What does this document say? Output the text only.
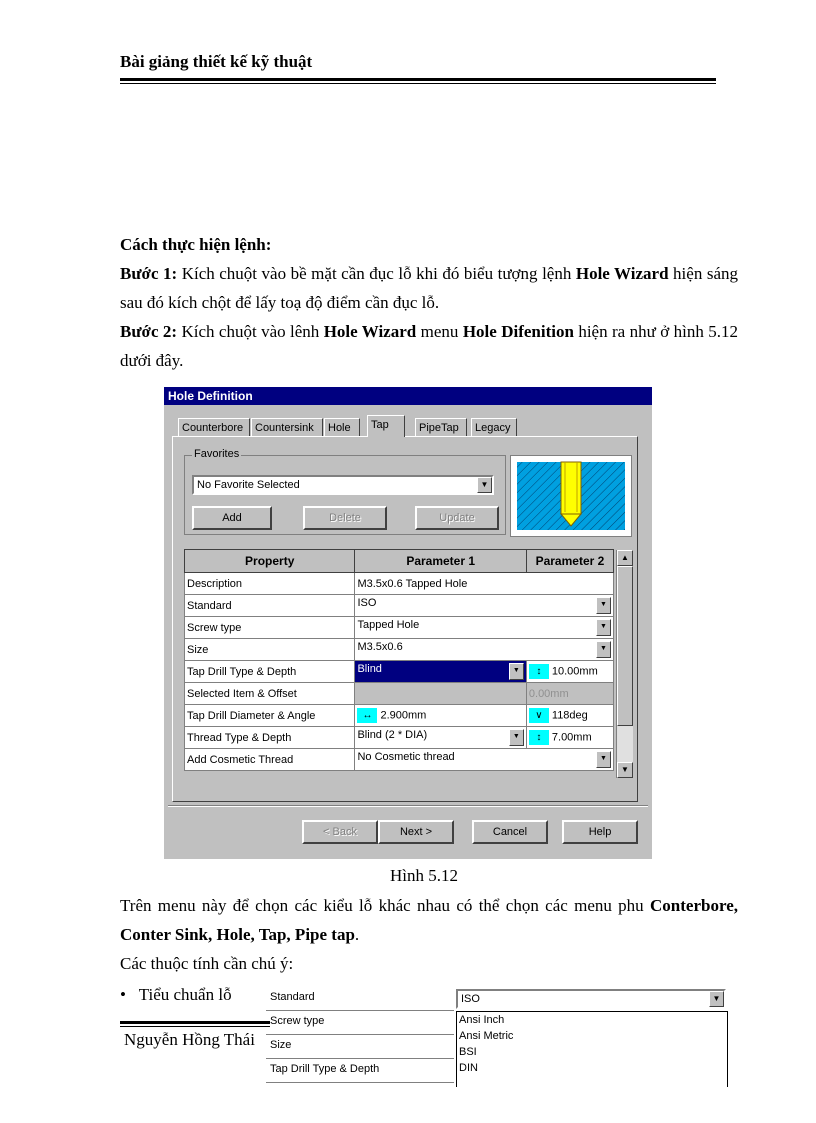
Bài giảng thiết kế kỹ thuật
Cách thực hiện lệnh:
Bước 1: Kích chuột vào bề mặt cần đục lỗ khi đó biểu tượng lệnh Hole Wizard hiện sáng sau đó kích chột để lấy toạ độ điểm cần đục lỗ.
Bước 2: Kích chuột vào lênh Hole Wizard menu Hole Difenition hiện ra như ở hình 5.12 dưới đây.
Hole Definition
Counterbore	Countersink	Hole	Tap	PipeTap	Legacy
Favorites
No Favorite Selected	▼
Add	Delete	Update
Property	Parameter 1	Parameter 2
Description	M3.5x0.6 Tapped Hole	
Standard	ISO ▼	

Screw type	Tapped Hole ▼	

Size	M3.5x0.6 ▼	

Tap Drill Type & Depth	Blind ▼	↕ 10.00mm
Selected Item & Offset		0.00mm
Tap Drill Diameter & Angle	↔ 2.900mm	∨ 118deg
Thread Type & Depth	Blind (2 * DIA) ▼	↕ 7.00mm
Add Cosmetic Thread	No Cosmetic thread ▼	
▲
▼
< Back	Next >	Cancel	Help
Hình 5.12
Trên menu này để chọn các kiểu lỗ khác nhau có thể chọn các menu phu Conterbore, Conter Sink, Hole, Tap, Pipe tap.
Các thuộc tính cần chú ý:
•   Tiểu chuẩn lỗ	Standard
Screw type
Size
Tap Drill Type & Depth
ISO	▼
Ansi Inch
Ansi Metric
BSI
DIN
Nguyễn Hồng Thái
